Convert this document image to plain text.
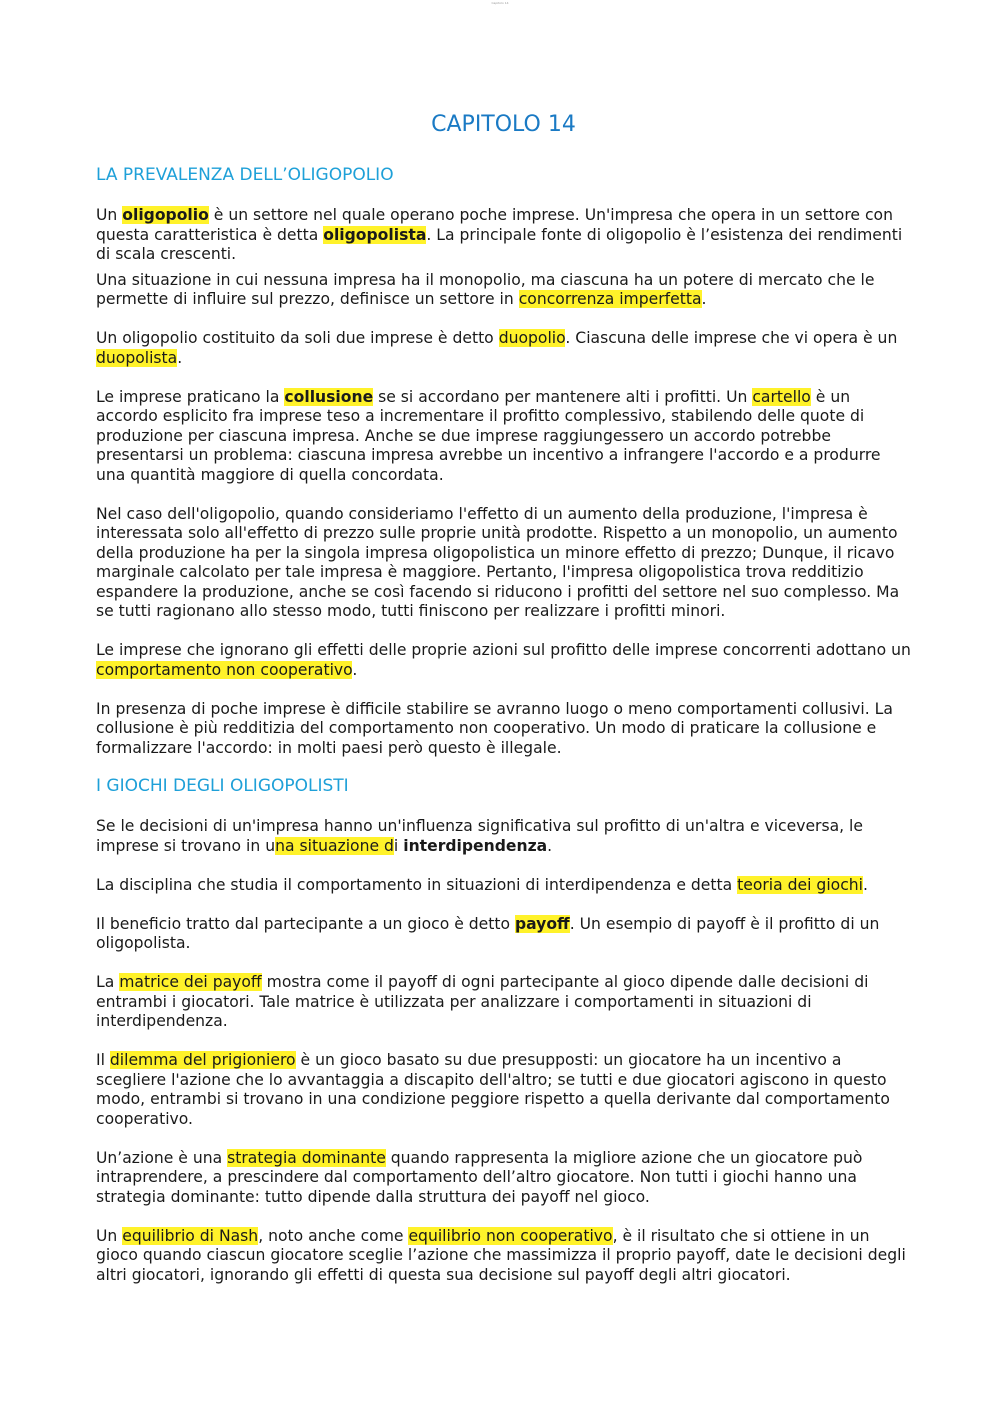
Capitolo 14
CAPITOLO 14
LA PREVALENZA DELL’OLIGOPOLIO

Un oligopolio è un settore nel quale operano poche imprese. Un'impresa che opera in un settore con questa caratteristica è detta oligopolista. La principale fonte di oligopolio è l’esistenza dei rendimenti di scala crescenti.

Una situazione in cui nessuna impresa ha il monopolio, ma ciascuna ha un potere di mercato che le permette di influire sul prezzo, definisce un settore in concorrenza imperfetta.

Un oligopolio costituito da soli due imprese è detto duopolio. Ciascuna delle imprese che vi opera è un duopolista.

Le imprese praticano la collusione se si accordano per mantenere alti i profitti. Un cartello è un accordo esplicito fra imprese teso a incrementare il profitto complessivo, stabilendo delle quote di produzione per ciascuna impresa. Anche se due imprese raggiungessero un accordo potrebbe presentarsi un problema: ciascuna impresa avrebbe un incentivo a infrangere l'accordo e a produrre una quantità maggiore di quella concordata.

Nel caso dell'oligopolio, quando consideriamo l'effetto di un aumento della produzione, l'impresa è interessata solo all'effetto di prezzo sulle proprie unità prodotte. Rispetto a un monopolio, un aumento della produzione ha per la singola impresa oligopolistica un minore effetto di prezzo; Dunque, il ricavo marginale calcolato per tale impresa è maggiore. Pertanto, l'impresa oligopolistica trova redditizio espandere la produzione, anche se così facendo si riducono i profitti del settore nel suo complesso. Ma se tutti ragionano allo stesso modo, tutti finiscono per realizzare i profitti minori.

Le imprese che ignorano gli effetti delle proprie azioni sul profitto delle imprese concorrenti adottano un comportamento non cooperativo.

In presenza di poche imprese è difficile stabilire se avranno luogo o meno comportamenti collusivi. La collusione è più redditizia del comportamento non cooperativo. Un modo di praticare la collusione e formalizzare l'accordo: in molti paesi però questo è illegale.

I GIOCHI DEGLI OLIGOPOLISTI

Se le decisioni di un'impresa hanno un'influenza significativa sul profitto di un'altra e viceversa, le imprese si trovano in una situazione di interdipendenza.

La disciplina che studia il comportamento in situazioni di interdipendenza e detta teoria dei giochi.

Il beneficio tratto dal partecipante a un gioco è detto payoff. Un esempio di payoff è il profitto di un oligopolista.

La matrice dei payoff mostra come il payoff di ogni partecipante al gioco dipende dalle decisioni di entrambi i giocatori. Tale matrice è utilizzata per analizzare i comportamenti in situazioni di interdipendenza.

Il dilemma del prigioniero è un gioco basato su due presupposti: un giocatore ha un incentivo a scegliere l'azione che lo avvantaggia a discapito dell'altro; se tutti e due giocatori agiscono in questo modo, entrambi si trovano in una condizione peggiore rispetto a quella derivante dal comportamento cooperativo.

Un’azione è una strategia dominante quando rappresenta la migliore azione che un giocatore può intraprendere, a prescindere dal comportamento dell’altro giocatore. Non tutti i giochi hanno una strategia dominante: tutto dipende dalla struttura dei payoff nel gioco.

Un equilibrio di Nash, noto anche come equilibrio non cooperativo, è il risultato che si ottiene in un gioco quando ciascun giocatore sceglie l’azione che massimizza il proprio payoff, date le decisioni degli altri giocatori, ignorando gli effetti di questa sua decisione sul payoff degli altri giocatori.
